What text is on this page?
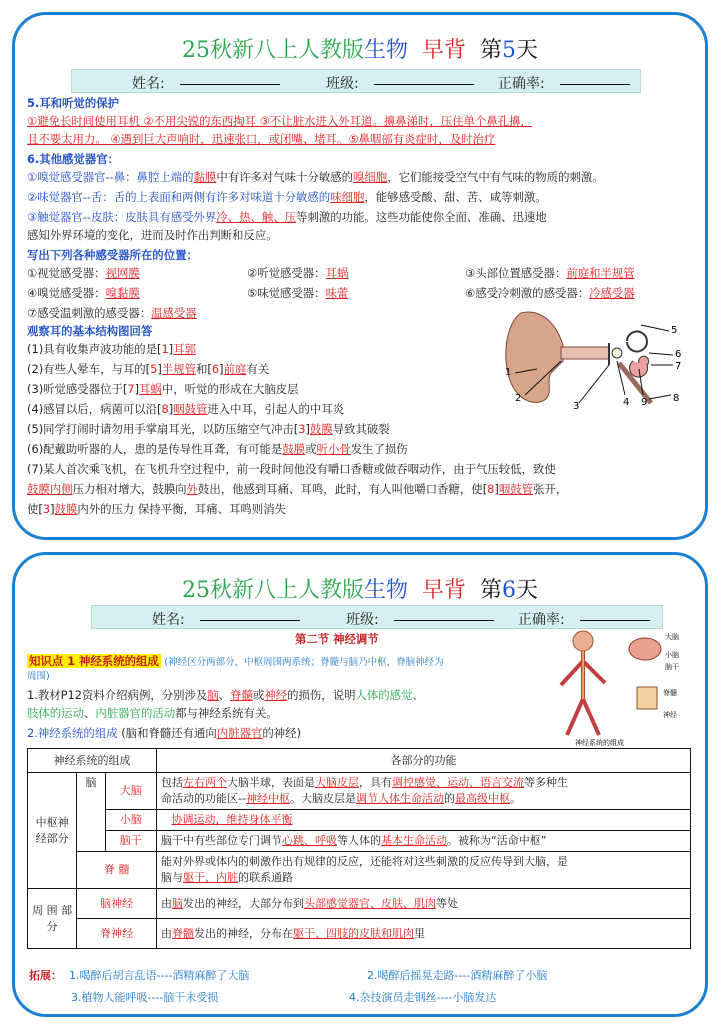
25秋新八上人教版生物 早背 第5天
姓名:	班级:	正确率:
5.耳和听觉的保护
①避免长时间使用耳机 ②不用尖锐的东西掏耳 ③不让脏水进入外耳道。擤鼻涕时，压住单个鼻孔擤，
且不要太用力。 ④遇到巨大声响时，迅速张口，或闭嘴、堵耳。⑤鼻咽部有炎症时，及时治疗
6.其他感觉器官：
①嗅觉感受器官--鼻：鼻腔上端的黏膜中有许多对气味十分敏感的嗅细胞，它们能接受空气中有气味的物质的刺激。
②味觉器官--舌：舌的上表面和两侧有许多对味道十分敏感的味细胞，能够感受酸、甜、苦、咸等刺激。
③触觉器官--皮肤：皮肤具有感受外界冷、热、触、压等刺激的功能。这些功能使你全面、准确、迅速地
感知外界环境的变化，进而及时作出判断和反应。
写出下列各种感受器所在的位置：
①视觉感受器：视网膜	②听觉感受器：耳蜗	③头部位置感受器：前庭和半规管
④嗅觉感受器：嗅黏膜	⑤味觉感受器：味蕾	⑥感受冷刺激的感受器：冷感受器
⑦感受温刺激的感受器：温感受器
观察耳的基本结构图回答
(1)具有收集声波功能的是[1]耳郭
(2)有些人晕车，与耳的[5]半规管和[6]前庭有关
(3)听觉感受器位于[7]耳蜗中，听觉的形成在大脑皮层
(4)感冒以后，病菌可以沿[8]咽鼓管进入中耳，引起人的中耳炎
(5)同学打闹时请勿用手掌扇耳光，以防压缩空气冲击[3]鼓膜导致其破裂
(6)配戴助听器的人，患的是传导性耳聋，有可能是鼓膜或听小骨发生了损伤
(7)某人首次乘飞机，在飞机升空过程中，前一段时间他没有嚼口香糖或做吞咽动作，由于气压较低，致使
鼓膜内侧压力相对增大，鼓膜向外鼓出，他感到耳痛、耳鸣，此时，有人叫他嚼口香糖，使[8]咽鼓管张开，
使[3]鼓膜内外的压力 保持平衡，耳痛、耳鸣则消失
5
6
7
1
2
3	4 9	8
25秋新八上人教版生物 早背 第6天
姓名:	班级:	正确率:
第二节 神经调节
知识点 1 神经系统的组成 (神经区分两部分，中枢周围两系统；脊髓与脑乃中枢，脊脑神经为
周围)
1.教材P12资料介绍病例，分别涉及脑、脊髓或神经的损伤，说明人体的感觉、
肢体的运动、内脏器官的活动都与神经系统有关。
2.神经系统的组成 (脑和脊髓还有通向内脏器官的神经)
大脑
小脑
脑干
脊髓
神经
神经系统的组成
神经系统的组成			各部分的功能
中枢神经部分	脑	大脑	包括左右两个大脑半球，表面是大脑皮层，具有调控感觉、运动、语言交流等多种生
命活动的功能区--神经中枢。大脑皮层是调节人体生命活动的最高级中枢。
		小脑	协调运动，维持身体平衡
		脑干	脑干中有些部位专门调节心跳、呼吸等人体的基本生命活动。被称为“活命中枢”
	脊 髓		能对外界或体内的刺激作出有规律的反应，还能将对这些刺激的反应传导到大脑，是
脑与躯干、内脏的联系通路
周 围 部分	脑神经		由脑发出的神经，大部分布到头部感觉器官、皮肤、肌肉等处
	脊神经		由脊髓发出的神经，分布在躯干、四肢的皮肤和肌肉里
拓展： 1.喝醉后胡言乱语----酒精麻醉了大脑	2.喝醉后摇晃走路----酒精麻醉了小脑
3.植物人能呼吸----脑干未受损	4.杂技演员走钢丝----小脑发达
